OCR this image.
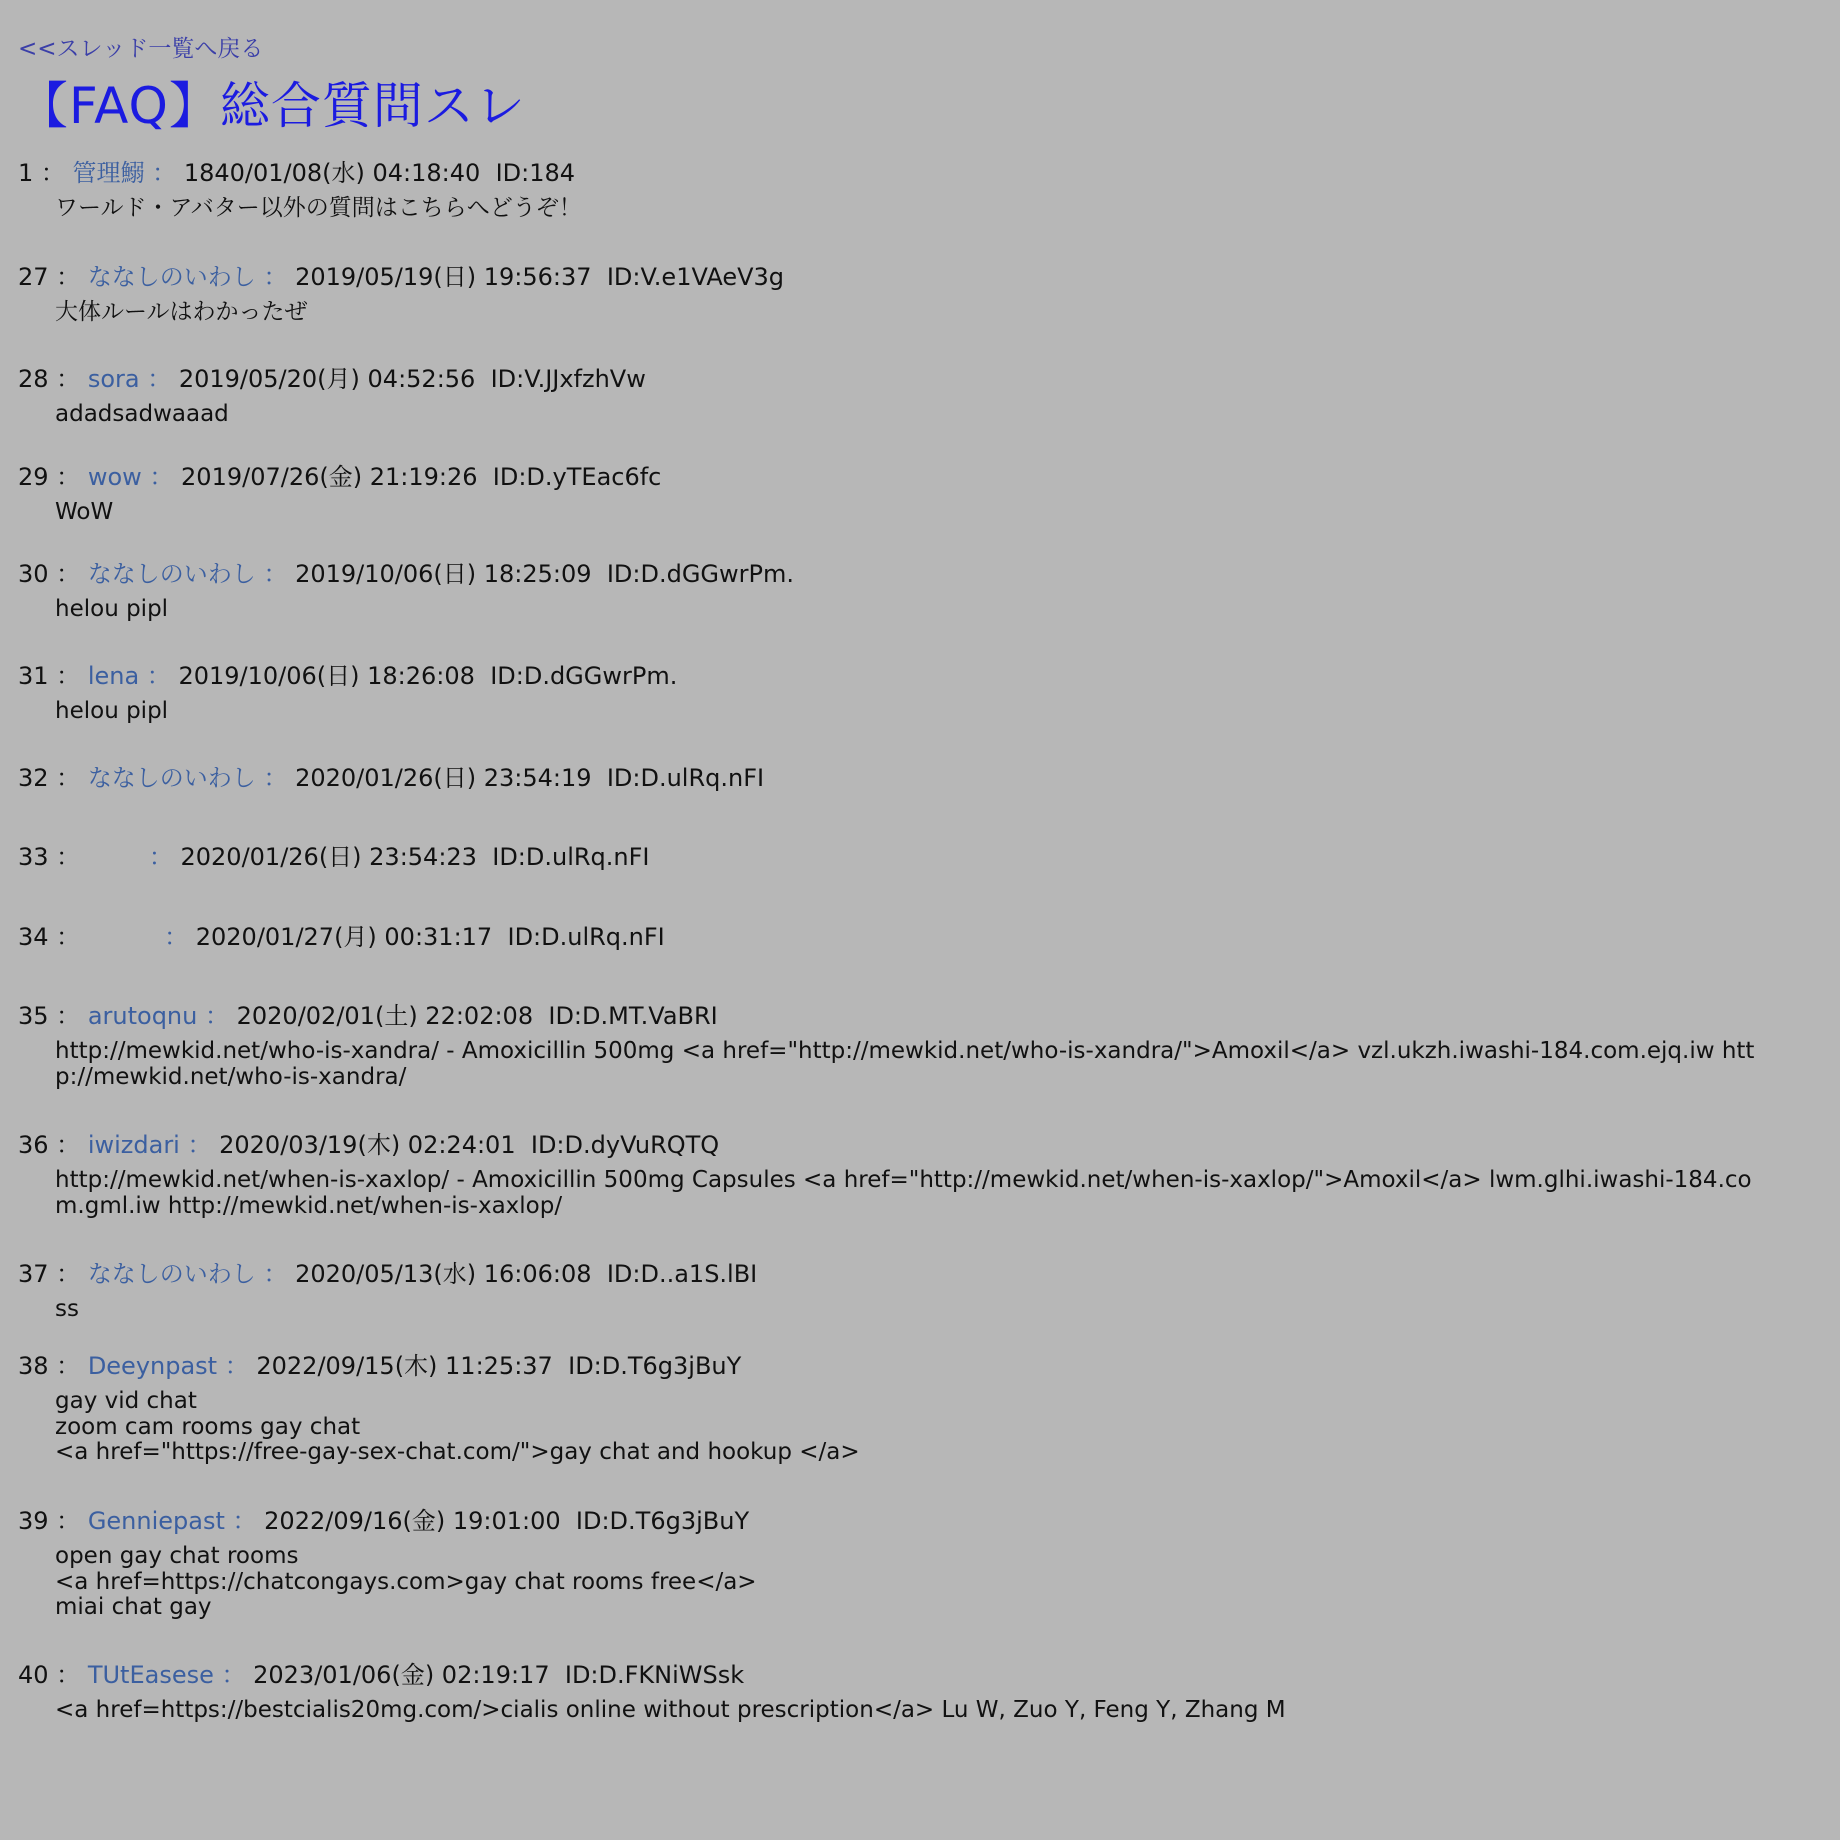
<<スレッド一覧へ戻る
【FAQ】総合質問スレ
1 ： 管理鰯 ： 1840/01/08(水) 04:18:40 ID:184
ワールド・アバター以外の質問はこちらへどうぞ！
27 ： ななしのいわし ： 2019/05/19(日) 19:56:37 ID:V.e1VAeV3g
大体ルールはわかったぜ
28 ： sora ： 2019/05/20(月) 04:52:56 ID:V.JJxfzhVw
adadsadwaaad
29 ： wow ： 2019/07/26(金) 21:19:26 ID:D.yTEac6fc
WoW
30 ： ななしのいわし ： 2019/10/06(日) 18:25:09 ID:D.dGGwrPm.
helou pipl
31 ： lena ： 2019/10/06(日) 18:26:08 ID:D.dGGwrPm.
helou pipl
32 ： ななしのいわし ： 2020/01/26(日) 23:54:19 ID:D.ulRq.nFI
33 ：         ： 2020/01/26(日) 23:54:23 ID:D.ulRq.nFI
34 ：           ： 2020/01/27(月) 00:31:17 ID:D.ulRq.nFI
35 ： arutoqnu ： 2020/02/01(土) 22:02:08 ID:D.MT.VaBRI
http://mewkid.net/who-is-xandra/ - Amoxicillin 500mg <a href="http://mewkid.net/who-is-xandra/">Amoxil</a> vzl.ukzh.iwashi-184.com.ejq.iw http://mewkid.net/who-is-xandra/
36 ： iwizdari ： 2020/03/19(木) 02:24:01 ID:D.dyVuRQTQ
http://mewkid.net/when-is-xaxlop/ - Amoxicillin 500mg Capsules <a href="http://mewkid.net/when-is-xaxlop/">Amoxil</a> lwm.glhi.iwashi-184.com.gml.iw http://mewkid.net/when-is-xaxlop/
37 ： ななしのいわし ： 2020/05/13(水) 16:06:08 ID:D..a1S.lBI
ss
38 ： Deeynpast ： 2022/09/15(木) 11:25:37 ID:D.T6g3jBuY
gay vid chat
zoom cam rooms gay chat
<a href="https://free-gay-sex-chat.com/">gay chat and hookup </a>
39 ： Genniepast ： 2022/09/16(金) 19:01:00 ID:D.T6g3jBuY
open gay chat rooms
<a href=https://chatcongays.com>gay chat rooms free</a>
miai chat gay
40 ： TUtEasese ： 2023/01/06(金) 02:19:17 ID:D.FKNiWSsk
<a href=https://bestcialis20mg.com/>cialis online without prescription</a> Lu W, Zuo Y, Feng Y, Zhang M
